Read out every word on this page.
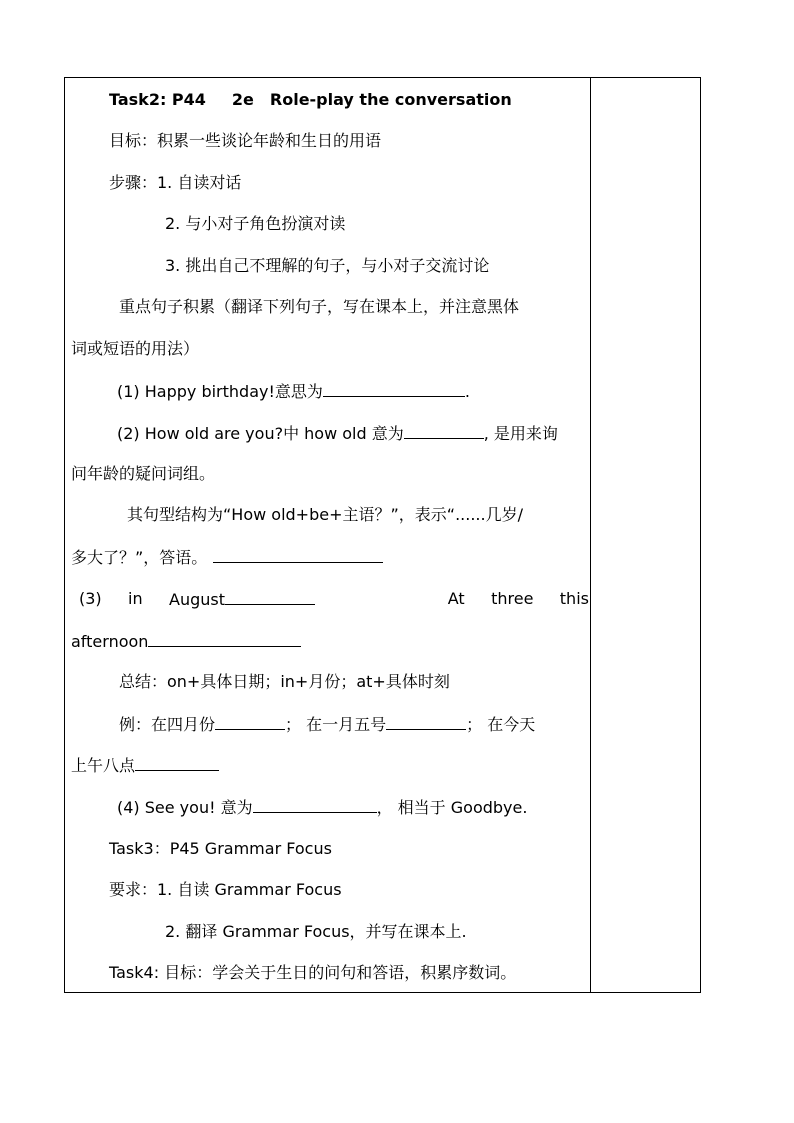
Task2: P44 2e Role-play the conversation
目标：积累一些谈论年龄和生日的用语
步骤：1. 自读对话
2. 与小对子角色扮演对读
3. 挑出自己不理解的句子，与小对子交流讨论
重点句子积累（翻译下列句子，写在课本上，并注意黑体
词或短语的用法）
(1) Happy birthday!意思为	.
(2) How old are you?中 how old 意为	, 是用来询
问年龄的疑问词组。
其句型结构为“How old+be+主语？”，表示“......几岁/
多大了？”，答语。
(3) in August	At three this
afternoon
总结：on+具体日期；in+月份；at+具体时刻
例：在四月份	； 在一月五号	； 在今天
上午八点
(4) See you! 意为	， 相当于 Goodbye.
Task3：P45 Grammar Focus
要求：1. 自读 Grammar Focus
2. 翻译 Grammar Focus，并写在课本上.
Task4: 目标：学会关于生日的问句和答语，积累序数词。
